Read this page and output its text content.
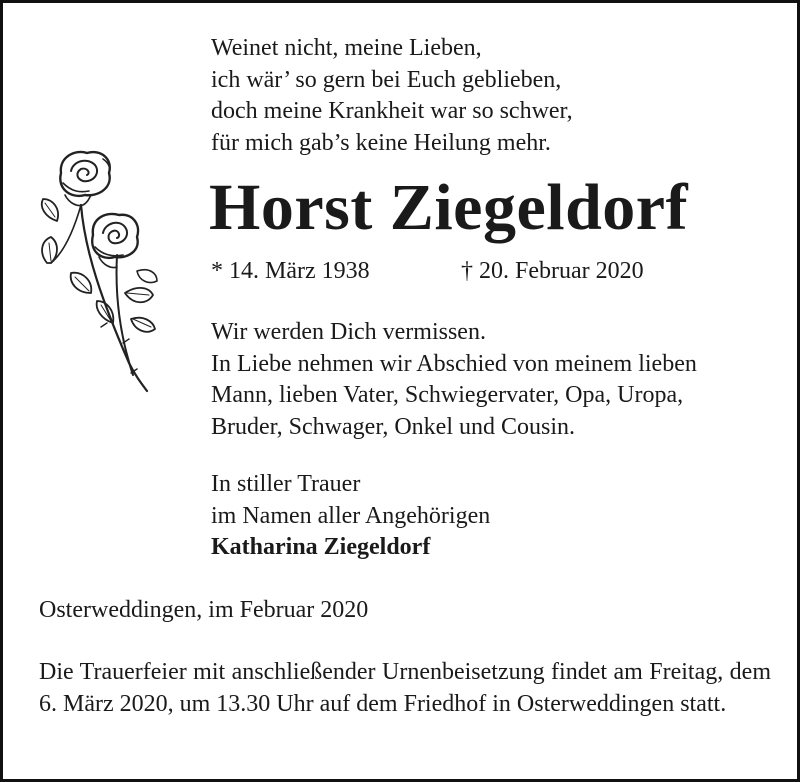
Weinet nicht, meine Lieben,
ich wär’ so gern bei Euch geblieben,
doch meine Krankheit war so schwer,
für mich gab’s keine Heilung mehr.
Horst Ziegeldorf
* 14. März 1938	† 20. Februar 2020
Wir werden Dich vermissen.
In Liebe nehmen wir Abschied von meinem lieben
Mann, lieben Vater, Schwiegervater, Opa, Uropa,
Bruder, Schwager, Onkel und Cousin.
In stiller Trauer
im Namen aller Angehörigen
Katharina Ziegeldorf
Osterweddingen, im Februar 2020
Die Trauerfeier mit anschließender Urnenbeisetzung findet am Freitag, dem 6. März 2020, um 13.30 Uhr auf dem Friedhof in Osterweddingen statt.
